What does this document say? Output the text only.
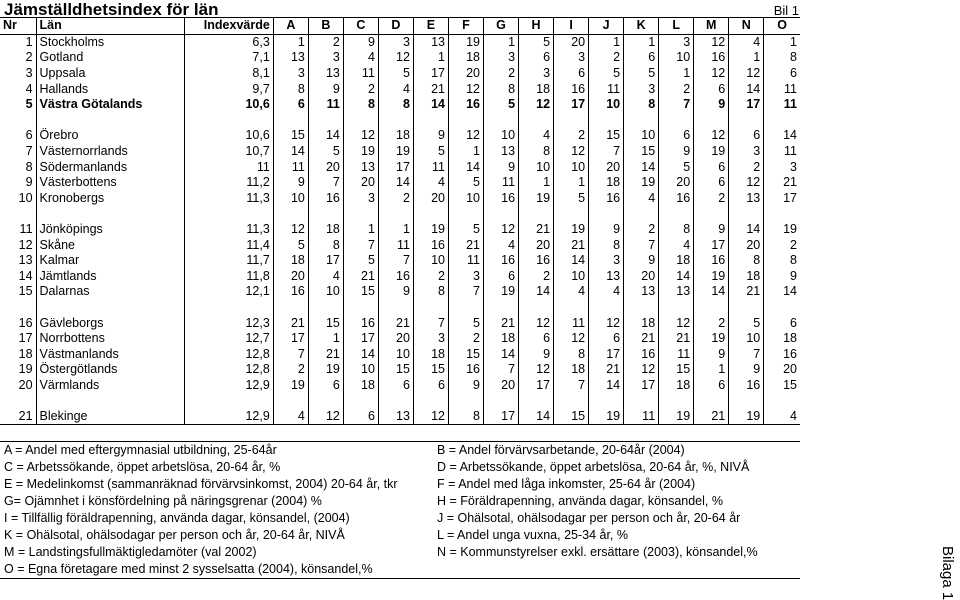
Jämställdhetsindex för län	Bil 1
Nr	Län	Indexvärde	A	B	C	D	E	F	G	H	I	J	K	L	M	N	O
1	Stockholms	6,3	1	2	9	3	13	19	1	5	20	1	1	3	12	4	1
2	Gotland	7,1	13	3	4	12	1	18	3	6	3	2	6	10	16	1	8
3	Uppsala	8,1	3	13	11	5	17	20	2	3	6	5	5	1	12	12	6
4	Hallands	9,7	8	9	2	4	21	12	8	18	16	11	3	2	6	14	11
5	Västra Götalands	10,6	6	11	8	8	14	16	5	12	17	10	8	7	9	17	11

6	Örebro	10,6	15	14	12	18	9	12	10	4	2	15	10	6	12	6	14
7	Västernorrlands	10,7	14	5	19	19	5	1	13	8	12	7	15	9	19	3	11
8	Södermanlands	11	11	20	13	17	11	14	9	10	10	20	14	5	6	2	3
9	Västerbottens	11,2	9	7	20	14	4	5	11	1	1	18	19	20	6	12	21
10	Kronobergs	11,3	10	16	3	2	20	10	16	19	5	16	4	16	2	13	17

11	Jönköpings	11,3	12	18	1	1	19	5	12	21	19	9	2	8	9	14	19
12	Skåne	11,4	5	8	7	11	16	21	4	20	21	8	7	4	17	20	2
13	Kalmar	11,7	18	17	5	7	10	11	16	16	14	3	9	18	16	8	8
14	Jämtlands	11,8	20	4	21	16	2	3	6	2	10	13	20	14	19	18	9
15	Dalarnas	12,1	16	10	15	9	8	7	19	14	4	4	13	13	14	21	14

16	Gävleborgs	12,3	21	15	16	21	7	5	21	12	11	12	18	12	2	5	6
17	Norrbottens	12,7	17	1	17	20	3	2	18	6	12	6	21	21	19	10	18
18	Västmanlands	12,8	7	21	14	10	18	15	14	9	8	17	16	11	9	7	16
19	Östergötlands	12,8	2	19	10	15	15	16	7	12	18	21	12	15	1	9	20
20	Värmlands	12,9	19	6	18	6	6	9	20	17	7	14	17	18	6	16	15

21	Blekinge	12,9	4	12	6	13	12	8	17	14	15	19	11	19	21	19	4
A = Andel med eftergymnasial utbildning, 25-64år	B = Andel förvärvsarbetande, 20-64år (2004)
C = Arbetssökande, öppet arbetslösa, 20-64 år, %	D = Arbetssökande, öppet arbetslösa, 20-64 år, %, NIVÅ
E = Medelinkomst (sammanräknad förvärvsinkomst, 2004) 20-64 år, tkr	F = Andel med låga inkomster, 25-64 år (2004)
G= Ojämnhet i könsfördelning på näringsgrenar (2004) %	H = Föräldrapenning, använda dagar, könsandel, %
I = Tillfällig föräldrapenning, använda dagar, könsandel, (2004)	J = Ohälsotal, ohälsodagar per person och år, 20-64 år
K = Ohälsotal, ohälsodagar per person och år, 20-64 år, NIVÅ	L = Andel unga vuxna, 25-34 år, %
M = Landstingsfullmäktigledamöter (val 2002)	N = Kommunstyrelser exkl. ersättare (2003), könsandel,%
O = Egna företagare med minst 2 sysselsatta (2004), könsandel,%	Bilaga 1
